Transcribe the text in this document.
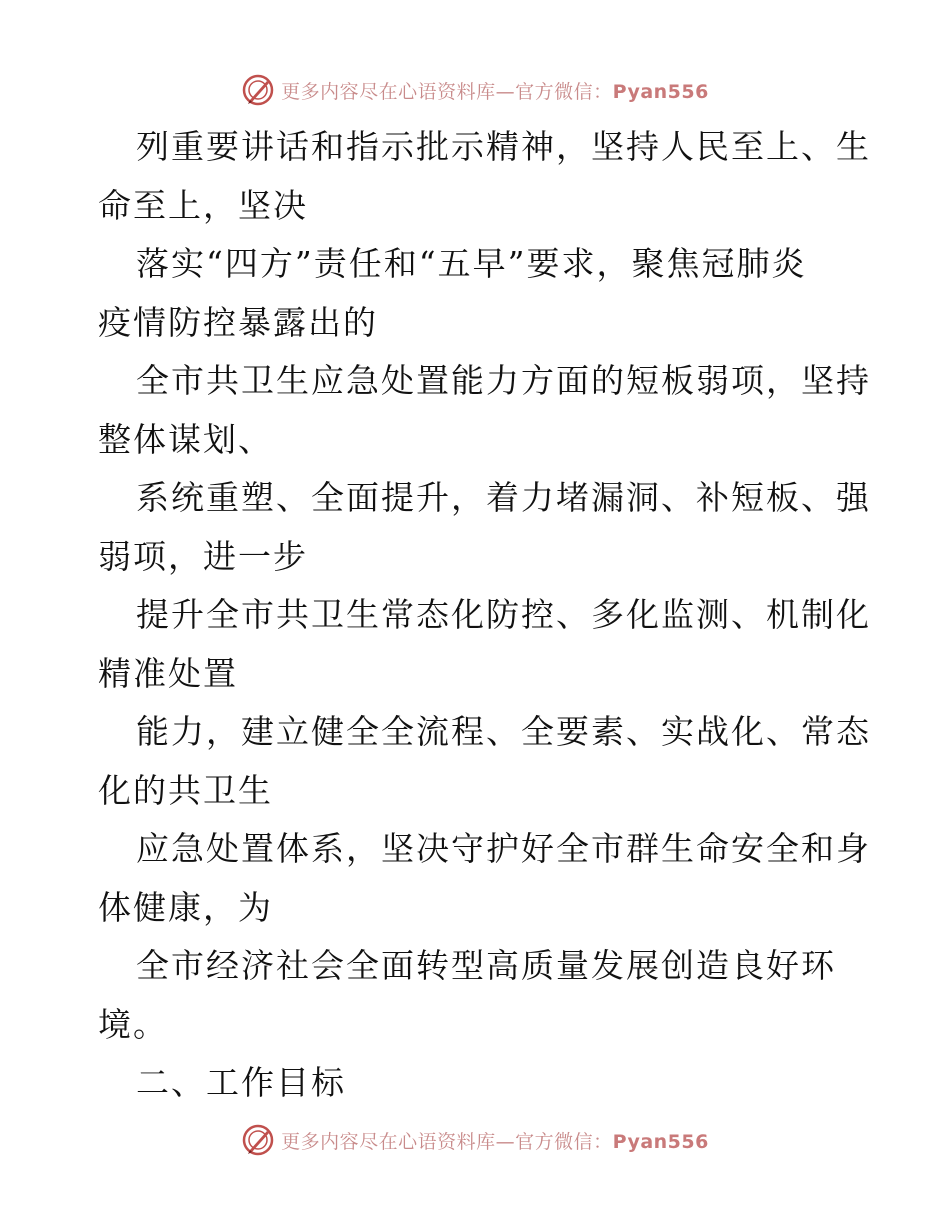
更多内容尽在心语资料库—官方微信：Pyan556

列重要讲话和指示批示精神，坚持人民至上、生

命至上，坚决

落实“四方”责任和“五早”要求，聚焦冠肺炎

疫情防控暴露出的

全市共卫生应急处置能力方面的短板弱项，坚持

整体谋划、

系统重塑、全面提升，着力堵漏洞、补短板、强

弱项，进一步

提升全市共卫生常态化防控、多化监测、机制化

精准处置

能力，建立健全全流程、全要素、实战化、常态

化的共卫生

应急处置体系，坚决守护好全市群生命安全和身

体健康，为

全市经济社会全面转型高质量发展创造良好环

境。

二、工作目标

更多内容尽在心语资料库—官方微信：Pyan556
